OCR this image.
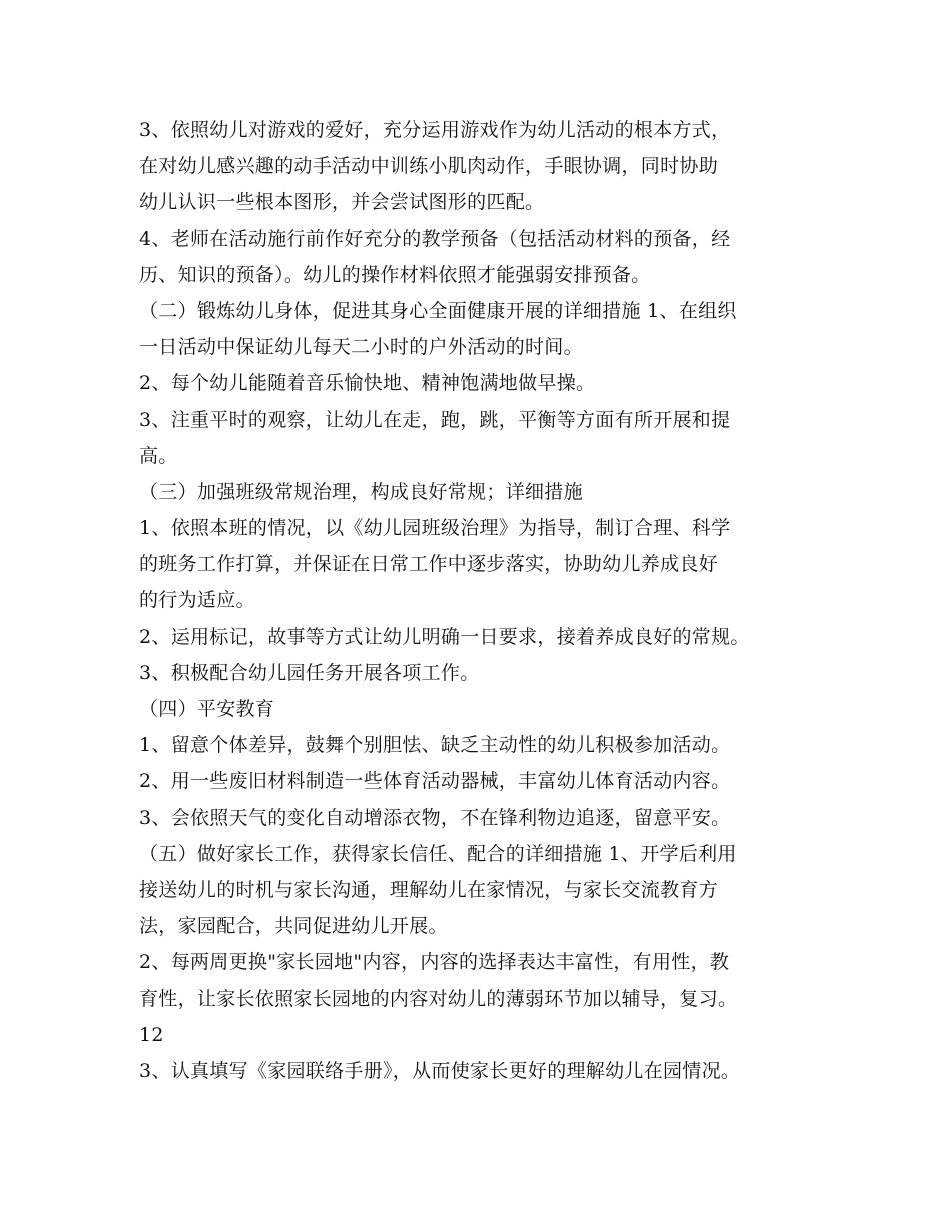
3、依照幼儿对游戏的爱好，充分运用游戏作为幼儿活动的根本方式，
在对幼儿感兴趣的动手活动中训练小肌肉动作，手眼协调，同时协助
幼儿认识一些根本图形，并会尝试图形的匹配。
4、老师在活动施行前作好充分的教学预备（包括活动材料的预备，经
历、知识的预备）。幼儿的操作材料依照才能强弱安排预备。
（二）锻炼幼儿身体，促进其身心全面健康开展的详细措施 1、在组织
一日活动中保证幼儿每天二小时的户外活动的时间。
2、每个幼儿能随着音乐愉快地、精神饱满地做早操。
3、注重平时的观察，让幼儿在走，跑，跳，平衡等方面有所开展和提
高。
（三）加强班级常规治理，构成良好常规；详细措施
1、依照本班的情况，以《幼儿园班级治理》为指导，制订合理、科学
的班务工作打算，并保证在日常工作中逐步落实，协助幼儿养成良好
的行为适应。
2、运用标记，故事等方式让幼儿明确一日要求，接着养成良好的常规。
3、积极配合幼儿园任务开展各项工作。
（四）平安教育
1、留意个体差异，鼓舞个别胆怯、缺乏主动性的幼儿积极参加活动。
2、用一些废旧材料制造一些体育活动器械，丰富幼儿体育活动内容。
3、会依照天气的变化自动增添衣物，不在锋利物边追逐，留意平安。
（五）做好家长工作，获得家长信任、配合的详细措施 1、开学后利用
接送幼儿的时机与家长沟通，理解幼儿在家情况，与家长交流教育方
法，家园配合，共同促进幼儿开展。
2、每两周更换"家长园地"内容，内容的选择表达丰富性，有用性，教
育性，让家长依照家长园地的内容对幼儿的薄弱环节加以辅导，复习。
12
3、认真填写《家园联络手册》，从而使家长更好的理解幼儿在园情况。
